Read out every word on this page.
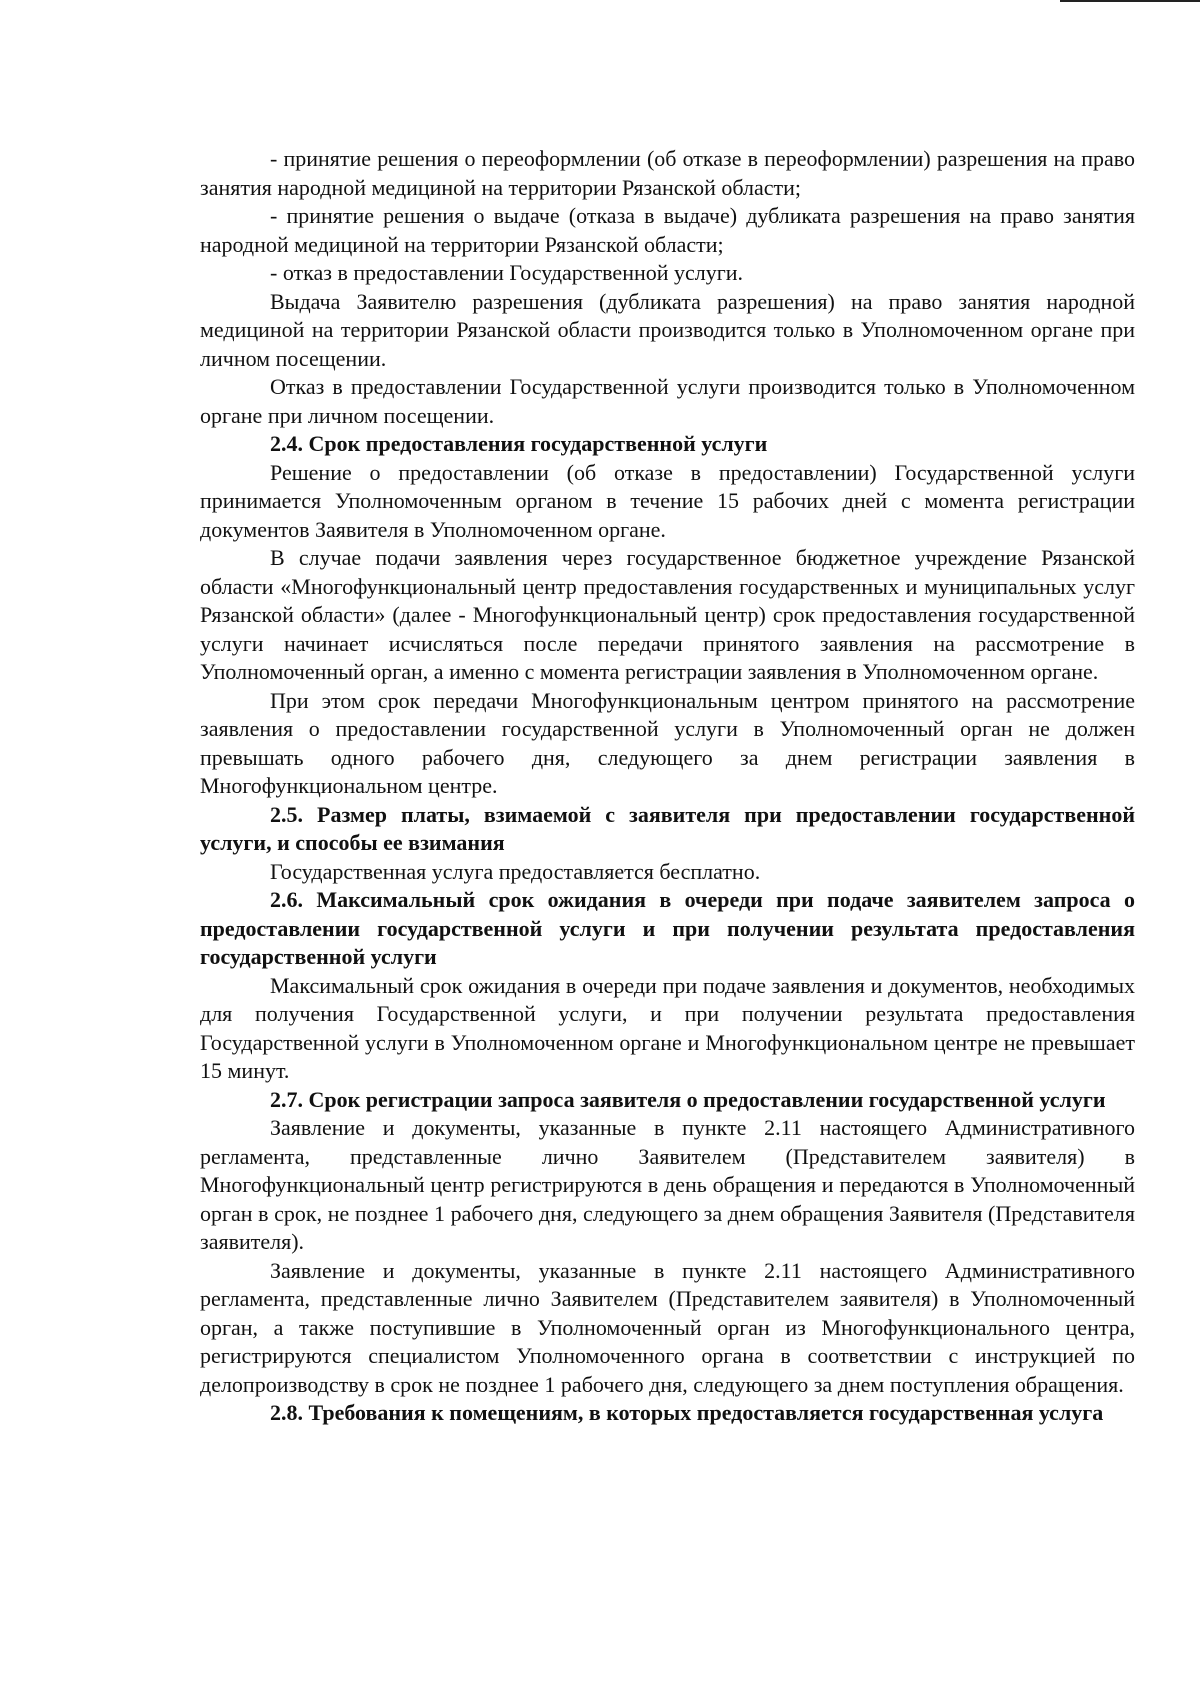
- принятие решения о переоформлении (об отказе в переоформлении) разрешения на право занятия народной медициной на территории Рязанской области;

- принятие решения о выдаче (отказа в выдаче) дубликата разрешения на право занятия народной медициной на территории Рязанской области;

- отказ в предоставлении Государственной услуги.

Выдача Заявителю разрешения (дубликата разрешения) на право занятия народной медициной на территории Рязанской области производится только в Уполномоченном органе при личном посещении.

Отказ в предоставлении Государственной услуги производится только в Уполномоченном органе при личном посещении.

2.4. Срок предоставления государственной услуги

Решение о предоставлении (об отказе в предоставлении) Государственной услуги принимается Уполномоченным органом в течение 15 рабочих дней с момента регистрации документов Заявителя в Уполномоченном органе.

В случае подачи заявления через государственное бюджетное учреждение Рязанской области «Многофункциональный центр предоставления государственных и муниципальных услуг Рязанской области» (далее - Многофункциональный центр) срок предоставления государственной услуги начинает исчисляться после передачи принятого заявления на рассмотрение в Уполномоченный орган, а именно с момента регистрации заявления в Уполномоченном органе.

При этом срок передачи Многофункциональным центром принятого на рассмотрение заявления о предоставлении государственной услуги в Уполномоченный орган не должен превышать одного рабочего дня, следующего за днем регистрации заявления в Многофункциональном центре.

2.5. Размер платы, взимаемой с заявителя при предоставлении государственной услуги, и способы ее взимания

Государственная услуга предоставляется бесплатно.

2.6. Максимальный срок ожидания в очереди при подаче заявителем запроса о предоставлении государственной услуги и при получении результата предоставления государственной услуги

Максимальный срок ожидания в очереди при подаче заявления и документов, необходимых для получения Государственной услуги, и при получении результата предоставления Государственной услуги в Уполномоченном органе и Многофункциональном центре не превышает 15 минут.

2.7. Срок регистрации запроса заявителя о предоставлении государственной услуги

Заявление и документы, указанные в пункте 2.11 настоящего Административного регламента, представленные лично Заявителем (Представителем заявителя) в Многофункциональный центр регистрируются в день обращения и передаются в Уполномоченный орган в срок, не позднее 1 рабочего дня, следующего за днем обращения Заявителя (Представителя заявителя).

Заявление и документы, указанные в пункте 2.11 настоящего Административного регламента, представленные лично Заявителем (Представителем заявителя) в Уполномоченный орган, а также поступившие в Уполномоченный орган из Многофункционального центра, регистрируются специалистом Уполномоченного органа в соответствии с инструкцией по делопроизводству в срок не позднее 1 рабочего дня, следующего за днем поступления обращения.

2.8. Требования к помещениям, в которых предоставляется государственная услуга
